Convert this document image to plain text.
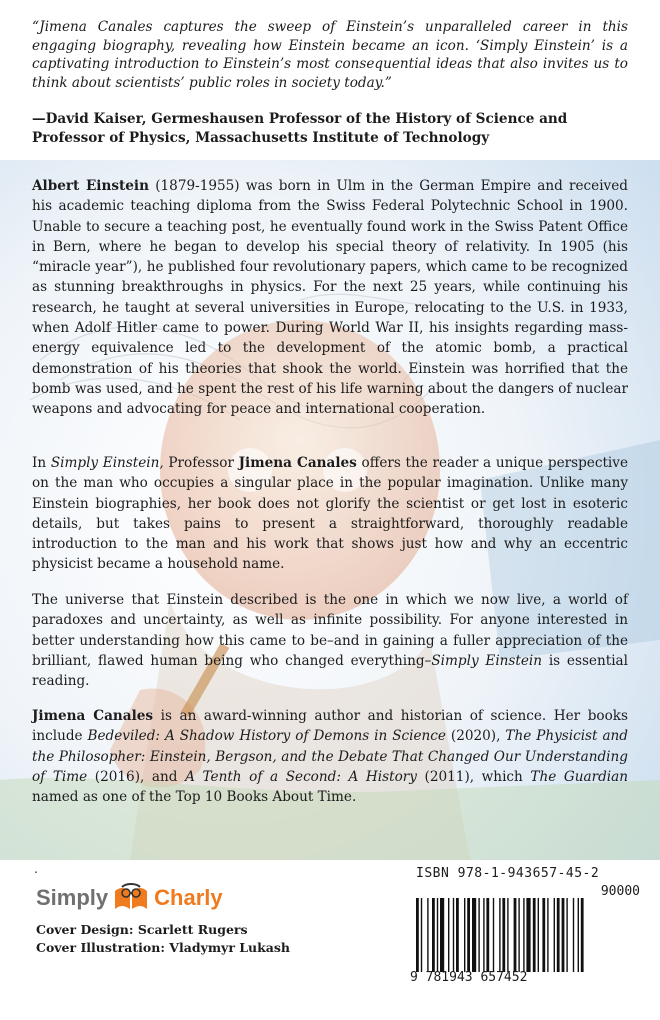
“Jimena Canales captures the sweep of Einstein’s unparalleled career in this engaging biography, revealing how Einstein became an icon. ‘Simply Einstein’ is a captivating introduction to Einstein’s most consequential ideas that also invites us to think about scientists’ public roles in society today.”
—David Kaiser, Germeshausen Professor of the History of Science and Professor of Physics, Massachusetts Institute of Technology
Albert Einstein (1879-1955) was born in Ulm in the German Empire and received his academic teaching diploma from the Swiss Federal Polytechnic School in 1900. Unable to secure a teaching post, he eventually found work in the Swiss Patent Office in Bern, where he began to develop his special theory of relativity. In 1905 (his “miracle year”), he published four revolutionary papers, which came to be recognized as stunning breakthroughs in physics. For the next 25 years, while continuing his research, he taught at several universities in Europe, relocating to the U.S. in 1933, when Adolf Hitler came to power. During World War II, his insights regarding mass-energy equivalence led to the development of the atomic bomb, a practical demonstration of his theories that shook the world. Einstein was horrified that the bomb was used, and he spent the rest of his life warning about the dangers of nuclear weapons and advocating for peace and international cooperation.
In Simply Einstein, Professor Jimena Canales offers the reader a unique perspective on the man who occupies a singular place in the popular imagination. Unlike many Einstein biographies, her book does not glorify the scientist or get lost in esoteric details, but takes pains to present a straightforward, thoroughly readable introduction to the man and his work that shows just how and why an eccentric physicist became a household name.
The universe that Einstein described is the one in which we now live, a world of paradoxes and uncertainty, as well as infinite possibility. For anyone interested in better understanding how this came to be–and in gaining a fuller appreciation of the brilliant, flawed human being who changed everything–Simply Einstein is essential reading.
Jimena Canales is an award-winning author and historian of science. Her books include Bedeviled: A Shadow History of Demons in Science (2020), The Physicist and the Philosopher: Einstein, Bergson, and the Debate That Changed Our Understanding of Time (2016), and A Tenth of a Second: A History (2011), which The Guardian named as one of the Top 10 Books About Time.
.
Simply Charly
Cover Design: Scarlett Rugers
Cover Illustration: Vladymyr Lukash
ISBN 978-1-943657-45-2
90000
9 781943 657452
